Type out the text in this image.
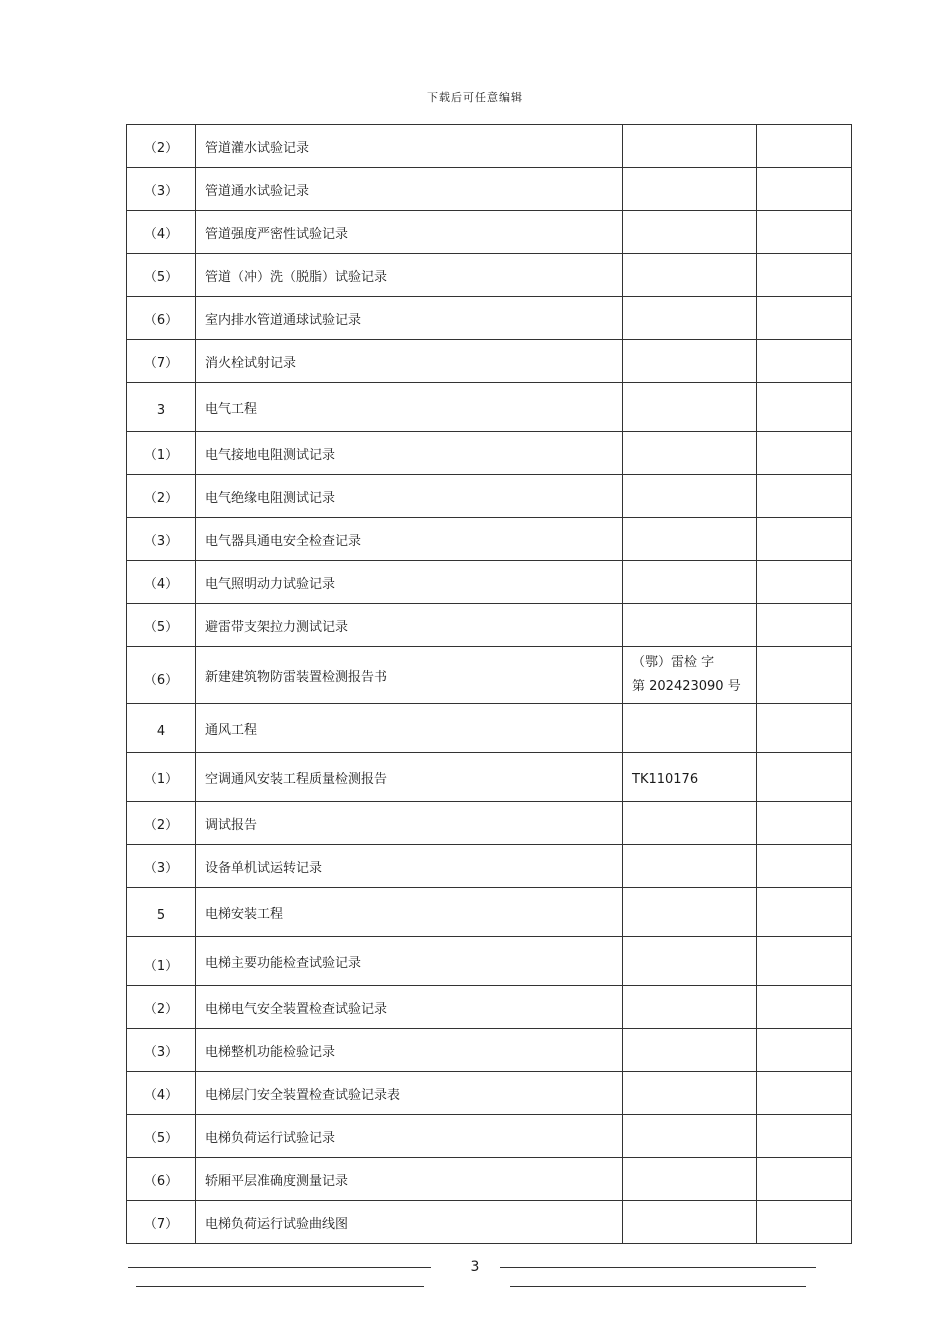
下载后可任意编辑
（2）	管道灌水试验记录		
（3）	管道通水试验记录		
（4）	管道强度严密性试验记录		
（5）	管道（冲）洗（脱脂）试验记录		
（6）	室内排水管道通球试验记录		
（7）	消火栓试射记录		
3	电气工程		
（1）	电气接地电阻测试记录		
（2）	电气绝缘电阻测试记录		
（3）	电气器具通电安全检查记录		
（4）	电气照明动力试验记录		
（5）	避雷带支架拉力测试记录		
（6）	新建建筑物防雷装置检测报告书	（鄂）雷检 字
第 202423090 号	

4	通风工程		
（1）	空调通风安装工程质量检测报告	TK110176	
（2）	调试报告		
（3）	设备单机试运转记录		
5	电梯安装工程		
（1）	电梯主要功能检查试验记录		
（2）	电梯电气安全装置检查试验记录		
（3）	电梯整机功能检验记录		
（4）	电梯层门安全装置检查试验记录表		
（5）	电梯负荷运行试验记录		
（6）	轿厢平层准确度测量记录		
（7）	电梯负荷运行试验曲线图		
3
